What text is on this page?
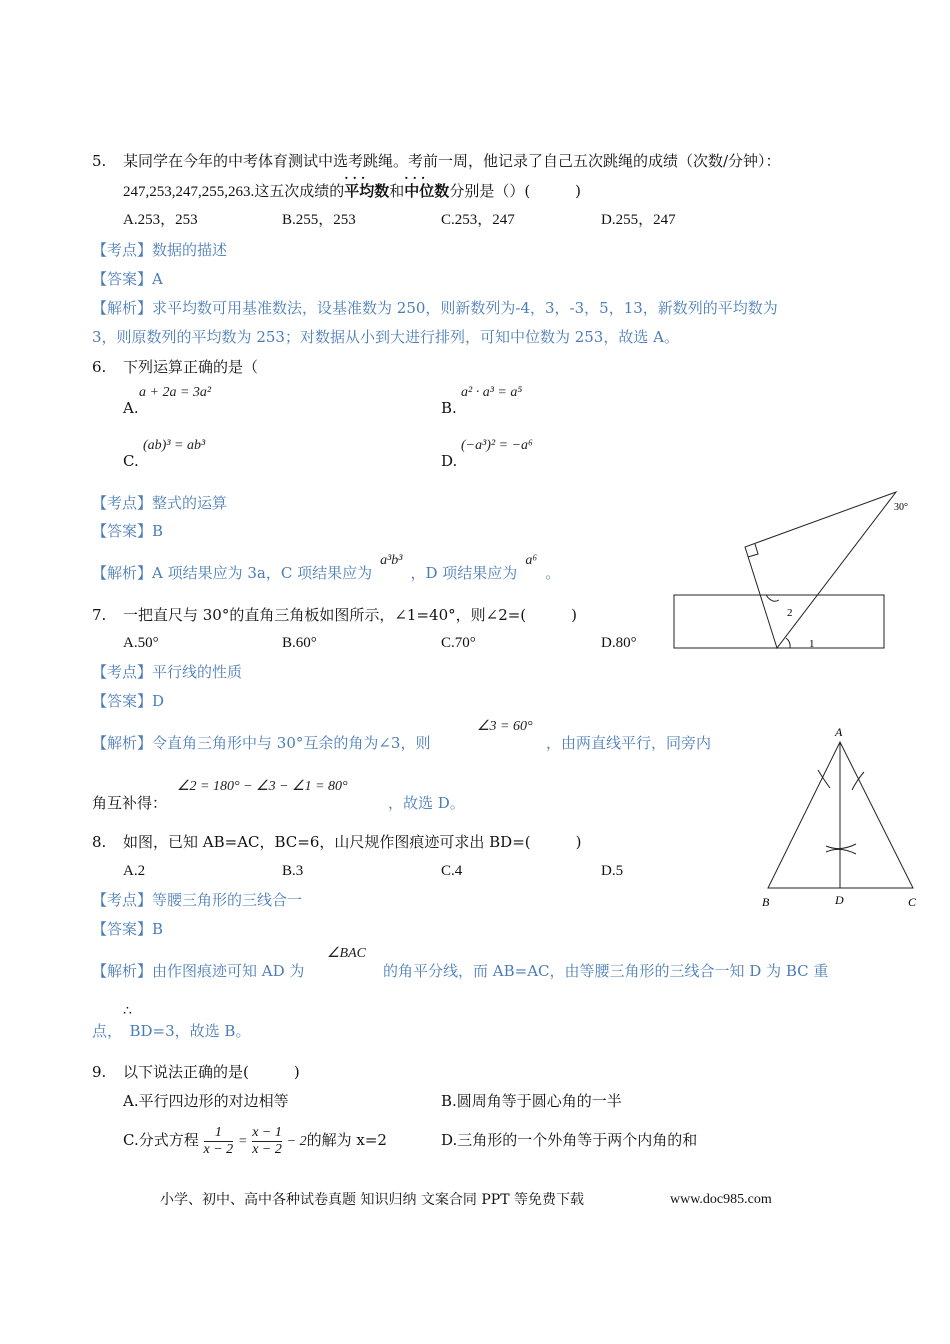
5. 某同学在今年的中考体育测试中选考跳绳。考前一周，他记录了自己五次跳绳的成绩（次数/分钟）：
247,253,247,255,263.这五次成绩的· · · 平均数和· · · 中位数分别是（）(　　　)
A.253，253	B.255，253	C.253，247	D.255，247
【考点】数据的描述
【答案】A
【解析】求平均数可用基准数法，设基准数为 250，则新数列为-4，3，-3，5，13，新数列的平均数为
3，则原数列的平均数为 253；对数据从小到大进行排列，可知中位数为 253，故选 A。
6. 下列运算正确的是（
A.
a + 2a = 3a²
B.
a² · a³ = a⁵
C.
(ab)³ = ab³
D.
(−a³)² = −a⁶
【考点】整式的运算
【答案】B
【解析】A 项结果应为 3a，C 项结果应为a³b³，D 项结果应为a⁶。
30°
2
1
7. 一把直尺与 30°的直角三角板如图所示，∠1=40°，则∠2=(　　　)
A.50°	B.60°	C.70°	D.80°
【考点】平行线的性质
【答案】D
【解析】令直角三角形中与 30°互余的角为∠3，则
∠3 = 60°
，由两直线平行，同旁内
角互补得：
∠2 = 180° − ∠3 − ∠1 = 80°
，故选 D。
A
B	D	C
8. 如图，已知 AB=AC，BC=6，山尺规作图痕迹可求出 BD=(　　　)
A.2	B.3	C.4	D.5
【考点】等腰三角形的三线合一
【答案】B
【解析】由作图痕迹可知 AD 为
∠BAC
的角平分线，而 AB=AC，由等腰三角形的三线合一知 D 为 BC 重
∴
点，　BD=3，故选 B。
9. 以下说法正确的是(　　　)
A.平行四边形的对边相等	B.圆周角等于圆心角的一半
C.分式方程 $\frac{1}{x - 2} = \frac{x - 1}{x - 2} - 2$的解为 x=2	D.三角形的一个外角等于两个内角的和
小学、初中、高中各种试卷真题 知识归纳 文案合同 PPT 等免费下载	www.doc985.com
